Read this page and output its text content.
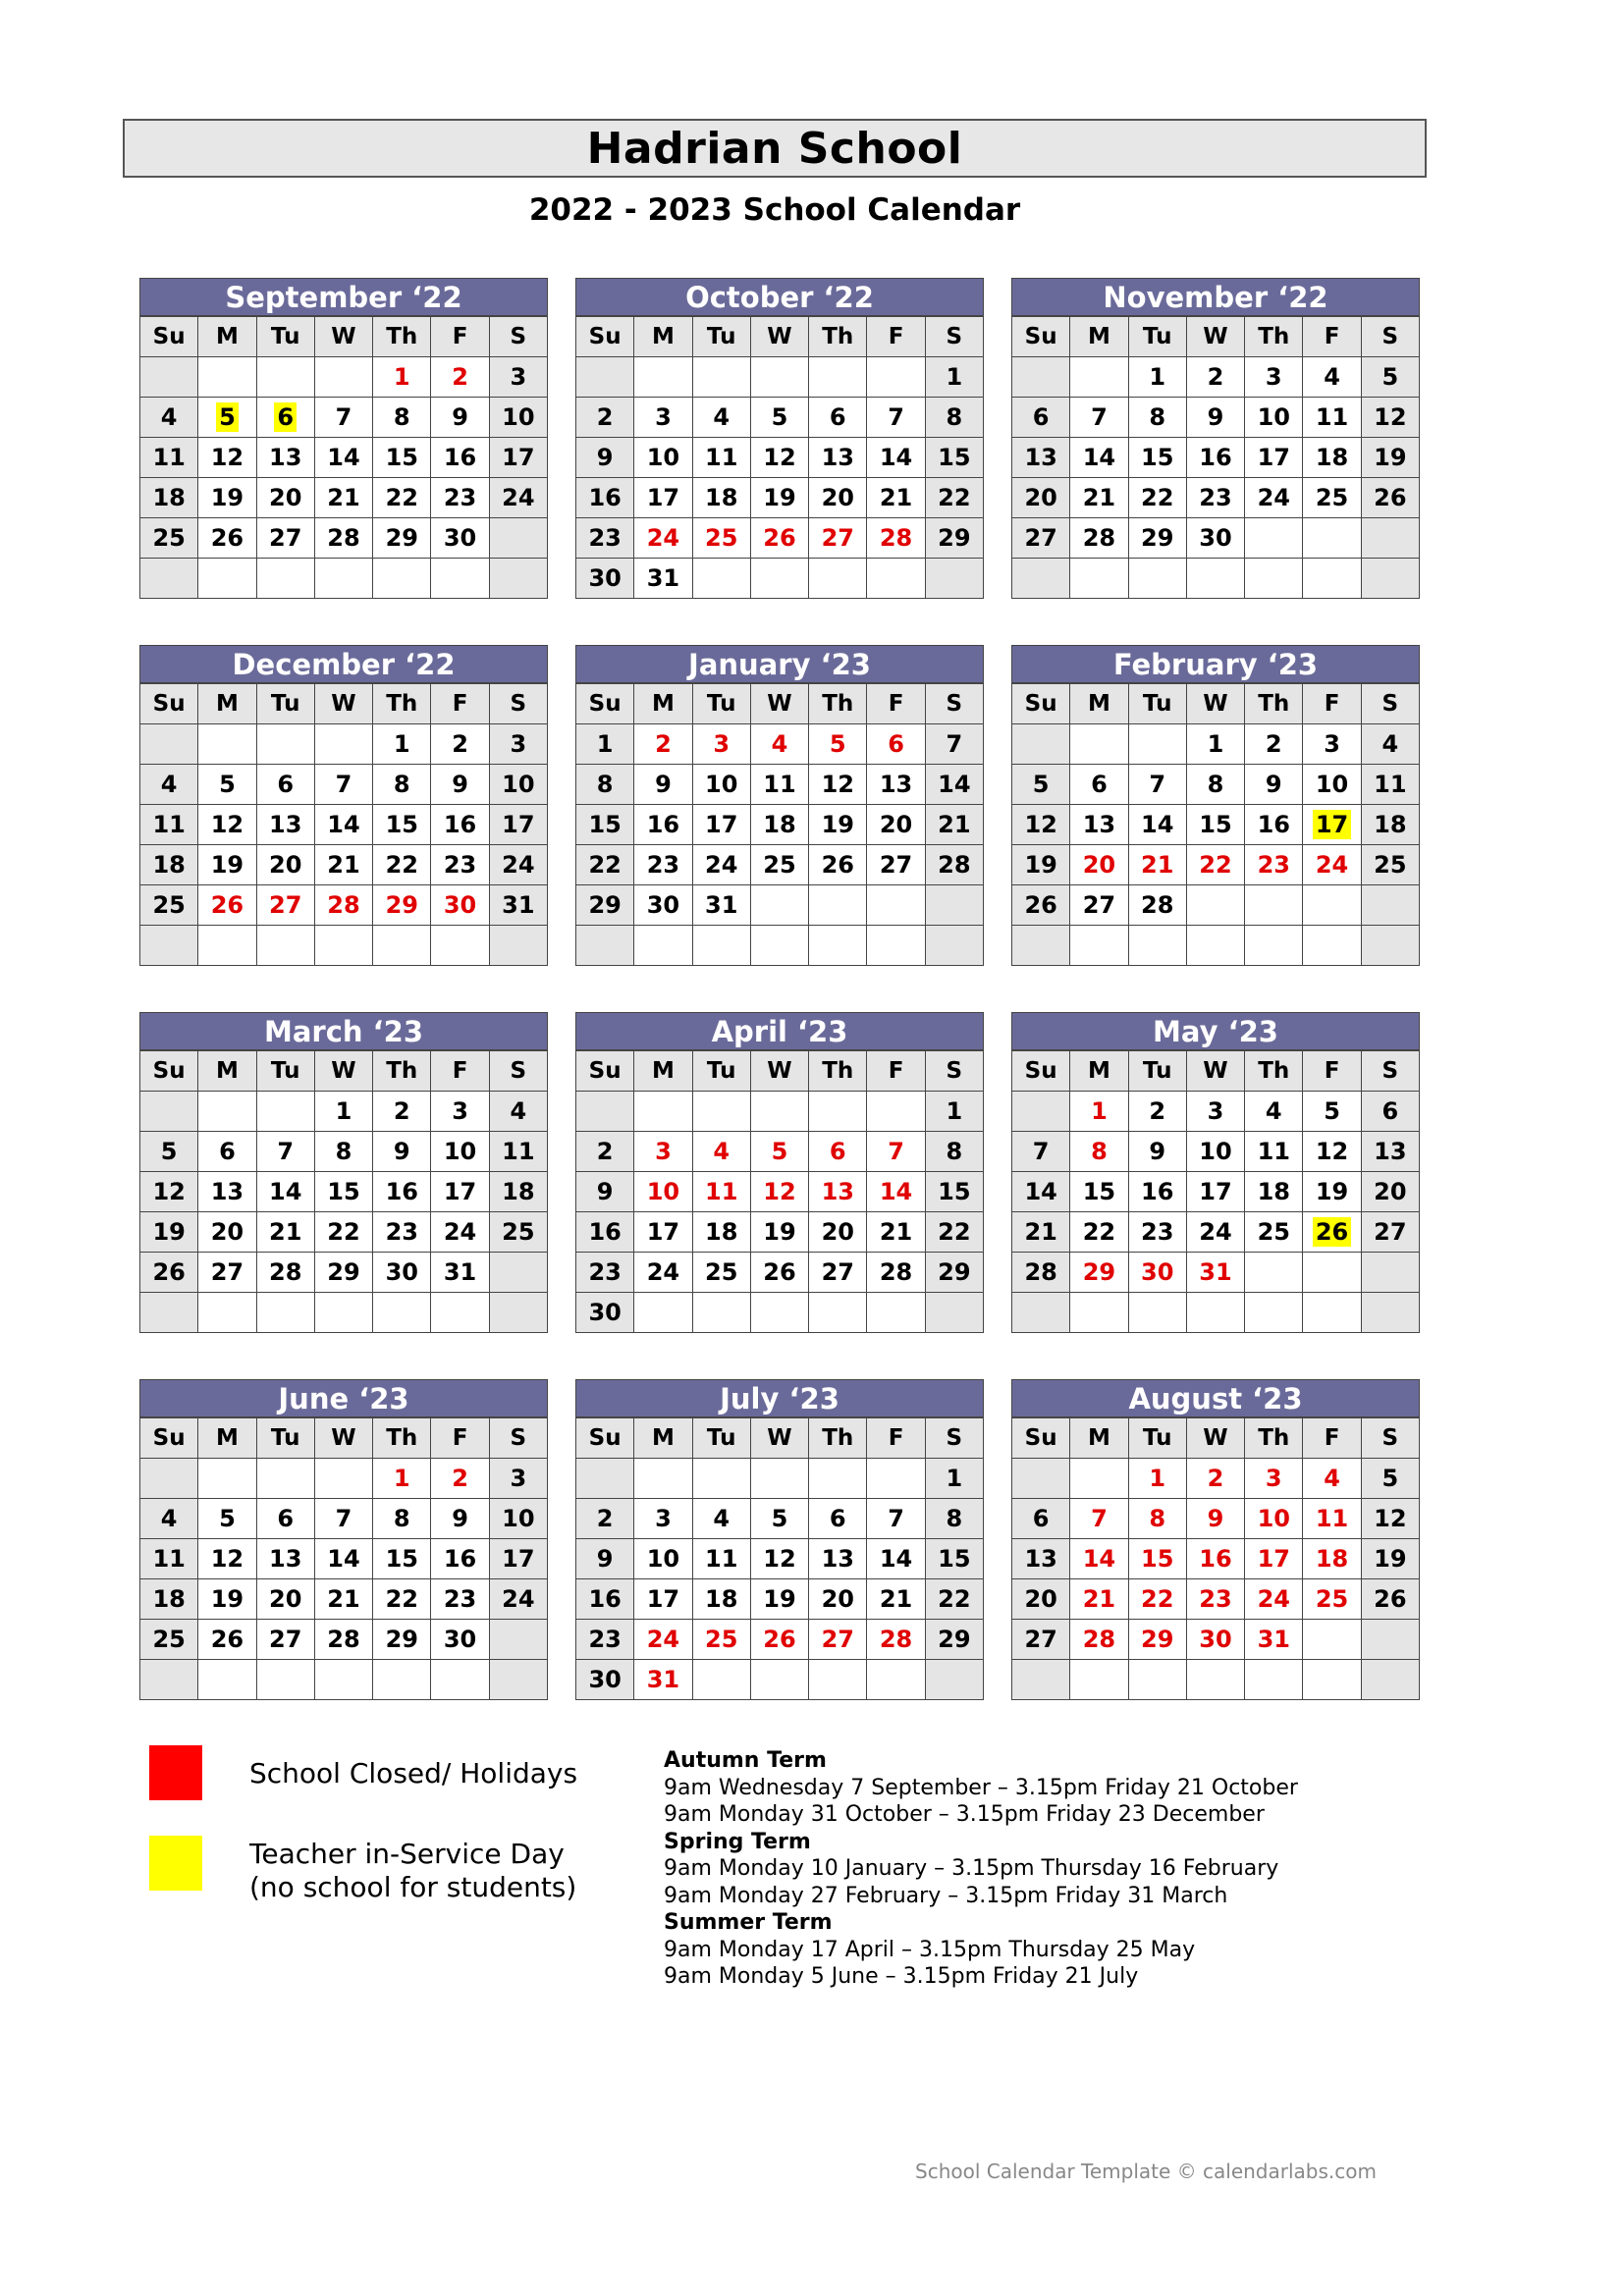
Hadrian School
2022 - 2023 School Calendar
September ‘22
Su	M	Tu	W	Th	F	S
				1	2	3
4	5	6	7	8	9	10
11	12	13	14	15	16	17
18	19	20	21	22	23	24
25	26	27	28	29	30	

October ‘22
Su	M	Tu	W	Th	F	S
						1
2	3	4	5	6	7	8
9	10	11	12	13	14	15
16	17	18	19	20	21	22
23	24	25	26	27	28	29
30	31					
November ‘22
Su	M	Tu	W	Th	F	S
		1	2	3	4	5
6	7	8	9	10	11	12
13	14	15	16	17	18	19
20	21	22	23	24	25	26
27	28	29	30			

December ‘22
Su	M	Tu	W	Th	F	S
				1	2	3
4	5	6	7	8	9	10
11	12	13	14	15	16	17
18	19	20	21	22	23	24
25	26	27	28	29	30	31

January ‘23
Su	M	Tu	W	Th	F	S
1	2	3	4	5	6	7
8	9	10	11	12	13	14
15	16	17	18	19	20	21
22	23	24	25	26	27	28
29	30	31				

February ‘23
Su	M	Tu	W	Th	F	S
			1	2	3	4
5	6	7	8	9	10	11
12	13	14	15	16	17	18
19	20	21	22	23	24	25
26	27	28				

March ‘23
Su	M	Tu	W	Th	F	S
			1	2	3	4
5	6	7	8	9	10	11
12	13	14	15	16	17	18
19	20	21	22	23	24	25
26	27	28	29	30	31	

April ‘23
Su	M	Tu	W	Th	F	S
						1
2	3	4	5	6	7	8
9	10	11	12	13	14	15
16	17	18	19	20	21	22
23	24	25	26	27	28	29
30						
May ‘23
Su	M	Tu	W	Th	F	S
	1	2	3	4	5	6
7	8	9	10	11	12	13
14	15	16	17	18	19	20
21	22	23	24	25	26	27
28	29	30	31			

June ‘23
Su	M	Tu	W	Th	F	S
				1	2	3
4	5	6	7	8	9	10
11	12	13	14	15	16	17
18	19	20	21	22	23	24
25	26	27	28	29	30	

July ‘23
Su	M	Tu	W	Th	F	S
						1
2	3	4	5	6	7	8
9	10	11	12	13	14	15
16	17	18	19	20	21	22
23	24	25	26	27	28	29
30	31					
August ‘23
Su	M	Tu	W	Th	F	S
		1	2	3	4	5
6	7	8	9	10	11	12
13	14	15	16	17	18	19
20	21	22	23	24	25	26
27	28	29	30	31		

School Closed/ Holidays
Teacher in-Service Day
(no school for students)
Autumn Term
9am Wednesday 7 September – 3.15pm Friday 21 October
9am Monday 31 October – 3.15pm Friday 23 December
Spring Term
9am Monday 10 January – 3.15pm Thursday 16 February
9am Monday 27 February – 3.15pm Friday 31 March
Summer Term
9am Monday 17 April – 3.15pm Thursday 25 May
9am Monday 5 June – 3.15pm Friday 21 July
School Calendar Template © calendarlabs.com
